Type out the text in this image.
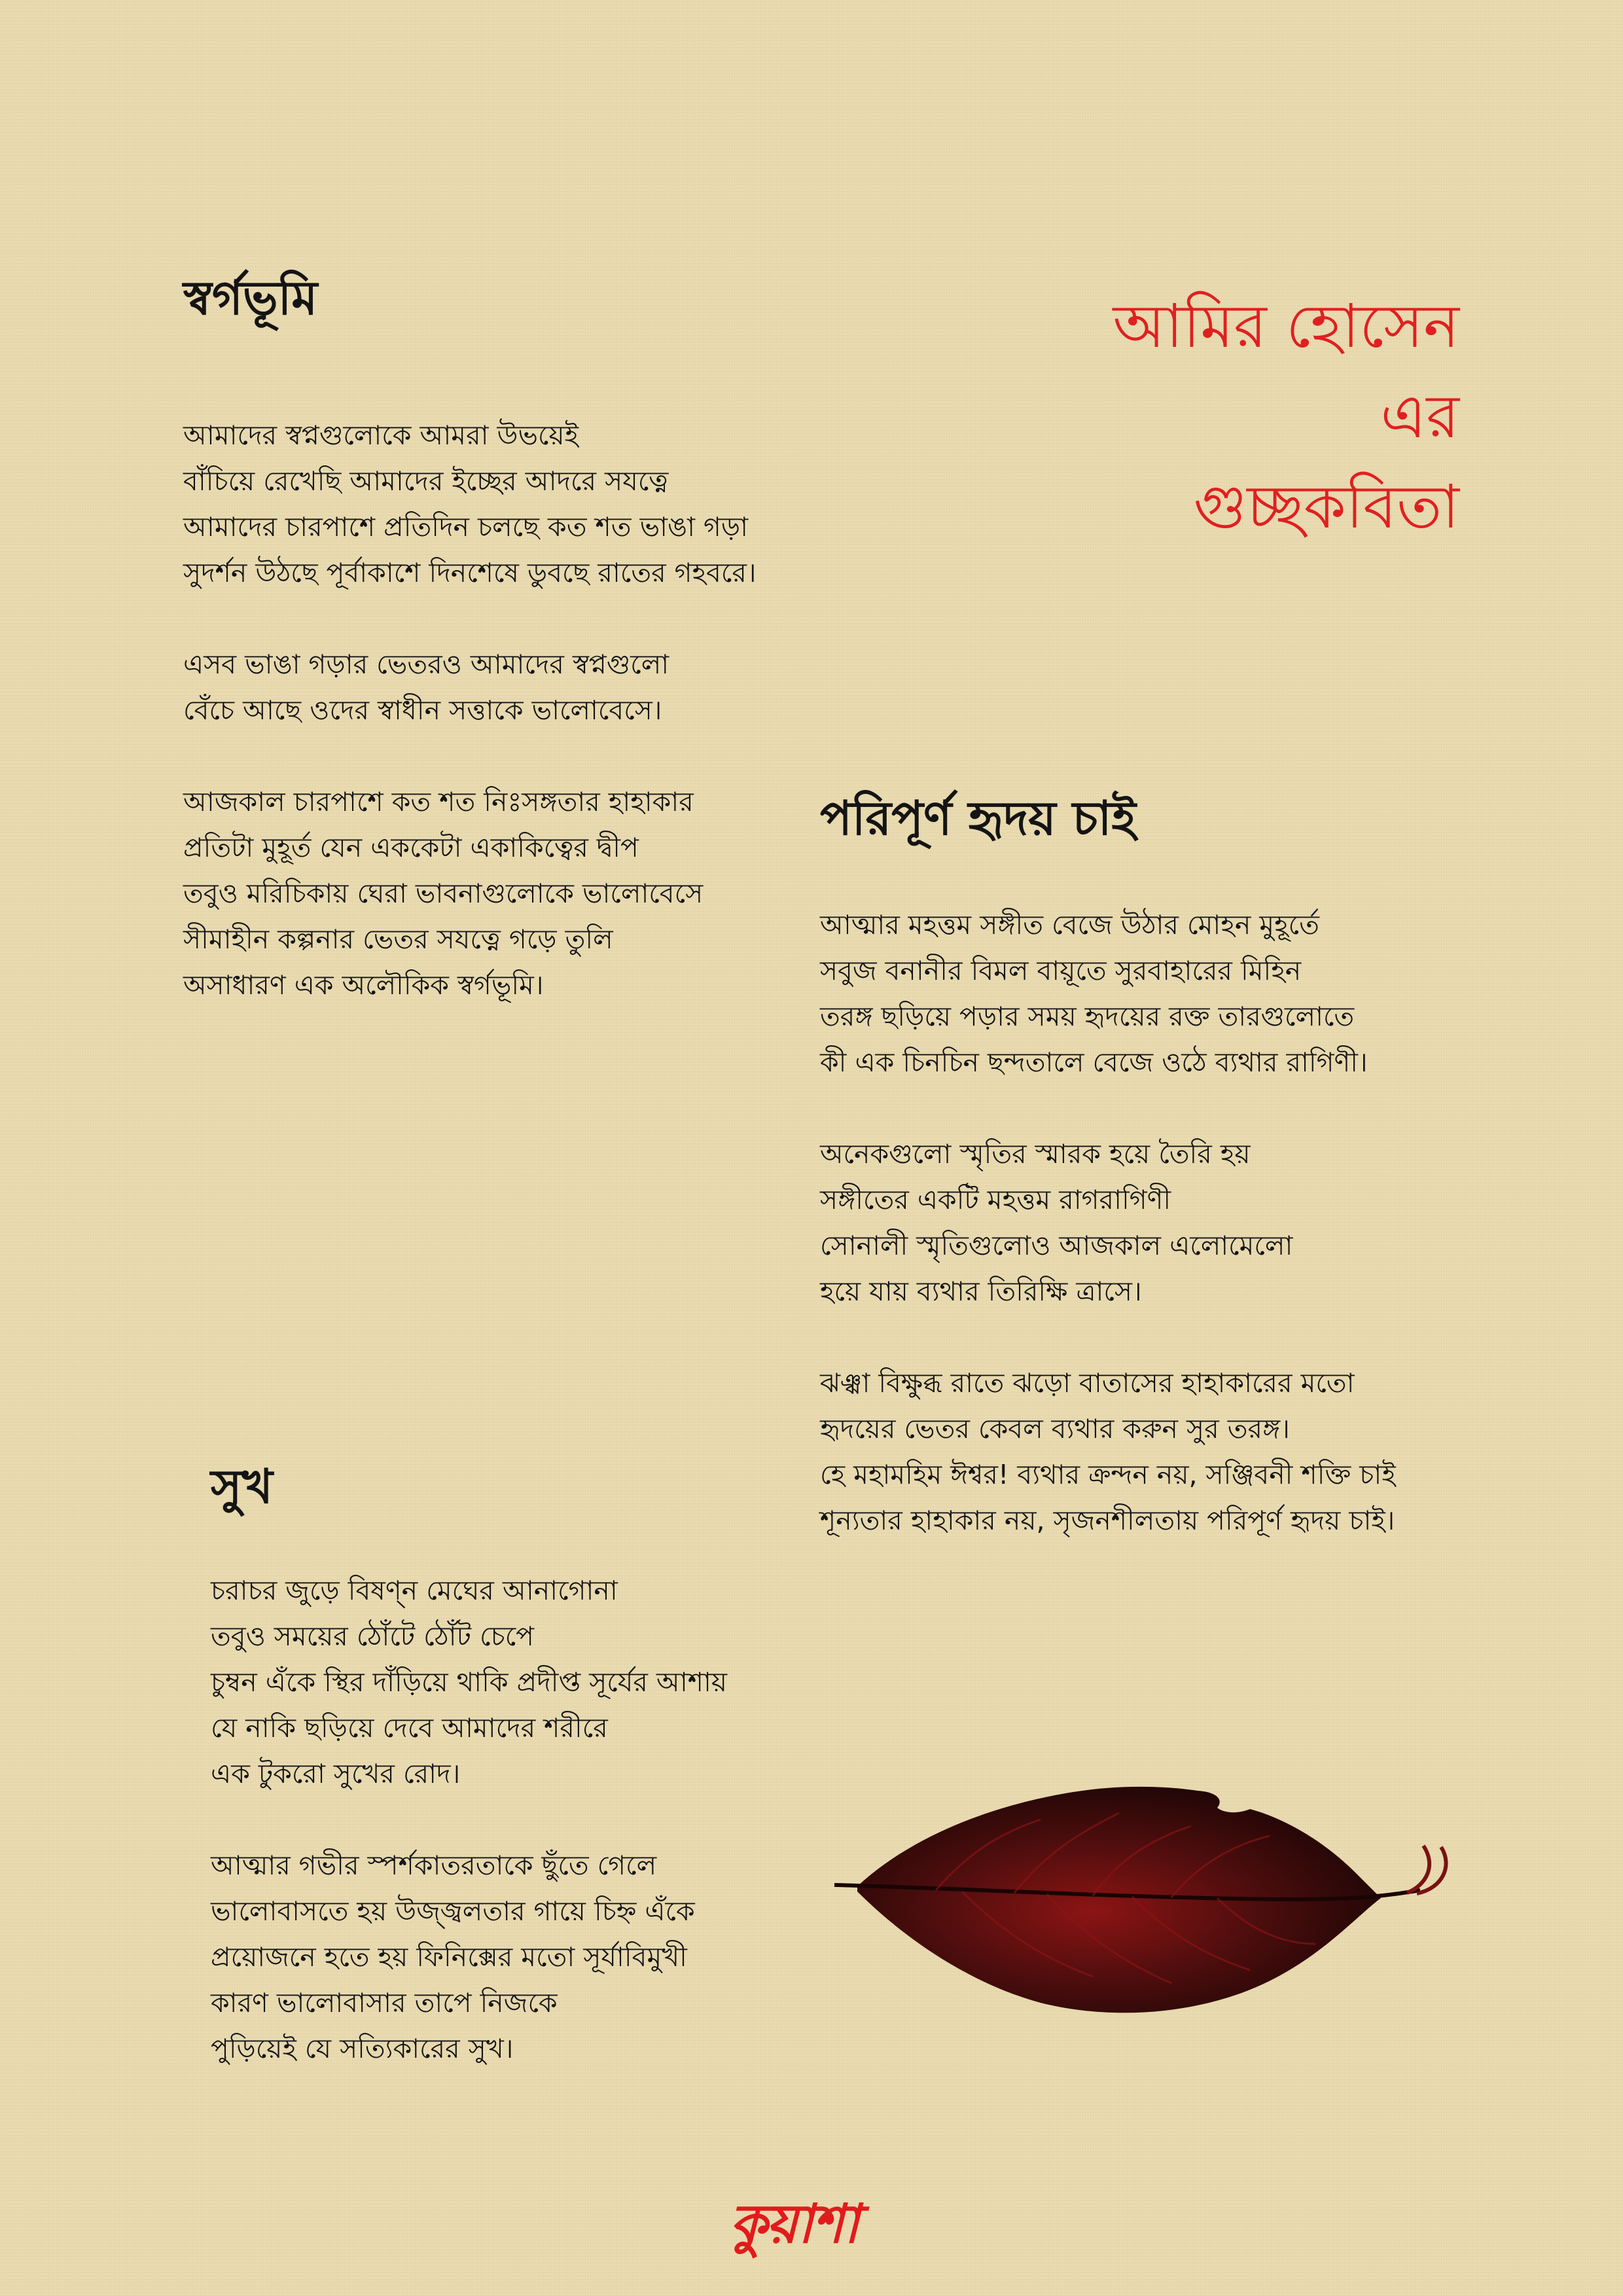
আমির হোসেন
এর
গুচ্ছকবিতা
স্বর্গভূমি
আমাদের স্বপ্নগুলোকে আমরা উভয়েই
বাঁচিয়ে রেখেছি আমাদের ইচ্ছের আদরে সযত্নে
আমাদের চারপাশে প্রতিদিন চলছে কত শত ভাঙা গড়া
সুদর্শন উঠছে পূর্বাকাশে দিনশেষে ডুবছে রাতের গহবরে।
এসব ভাঙা গড়ার ভেতরও আমাদের স্বপ্নগুলো
বেঁচে আছে ওদের স্বাধীন সত্তাকে ভালোবেসে।
আজকাল চারপাশে কত শত নিঃসঙ্গতার হাহাকার
প্রতিটা মুহূর্ত যেন এককেটা একাকিত্বের দ্বীপ
তবুও মরিচিকায় ঘেরা ভাবনাগুলোকে ভালোবেসে
সীমাহীন কল্পনার ভেতর সযত্নে গড়ে তুলি
অসাধারণ এক অলৌকিক স্বর্গভূমি।
পরিপূর্ণ হৃদয় চাই
আত্মার মহত্তম সঙ্গীত বেজে উঠার মোহন মুহূর্তে
সবুজ বনানীর বিমল বায়ূতে সুরবাহারের মিহিন
তরঙ্গ ছড়িয়ে পড়ার সময় হৃদয়ের রক্ত তারগুলোতে
কী এক চিনচিন ছন্দতালে বেজে ওঠে ব্যথার রাগিণী।
অনেকগুলো স্মৃতির স্মারক হয়ে তৈরি হয়
সঙ্গীতের একটি মহত্তম রাগরাগিণী
সোনালী স্মৃতিগুলোও আজকাল এলোমেলো
হয়ে যায় ব্যথার তিরিক্ষি ত্রাসে।
ঝঞ্ঝা বিক্ষুব্ধ রাতে ঝড়ো বাতাসের হাহাকারের মতো
হৃদয়ের ভেতর কেবল ব্যথার করুন সুর তরঙ্গ।
হে মহামহিম ঈশ্বর! ব্যথার ক্রন্দন নয়, সঞ্জিবনী শক্তি চাই
শূন্যতার হাহাকার নয়, সৃজনশীলতায় পরিপূর্ণ হৃদয় চাই।
সুখ
চরাচর জুড়ে বিষণ্ন মেঘের আনাগোনা
তবুও সময়ের ঠোঁটে ঠোঁট চেপে
চুম্বন এঁকে স্থির দাঁড়িয়ে থাকি প্রদীপ্ত সূর্যের আশায়
যে নাকি ছড়িয়ে দেবে আমাদের শরীরে
এক টুকরো সুখের রোদ।
আত্মার গভীর স্পর্শকাতরতাকে ছুঁতে গেলে
ভালোবাসতে হয় উজ্জ্বলতার গায়ে চিহ্ন এঁকে
প্রয়োজনে হতে হয় ফিনিক্সের মতো সূর্যাবিমুখী
কারণ ভালোবাসার তাপে নিজকে
পুড়িয়েই যে সত্যিকারের সুখ।
কুয়াশা
